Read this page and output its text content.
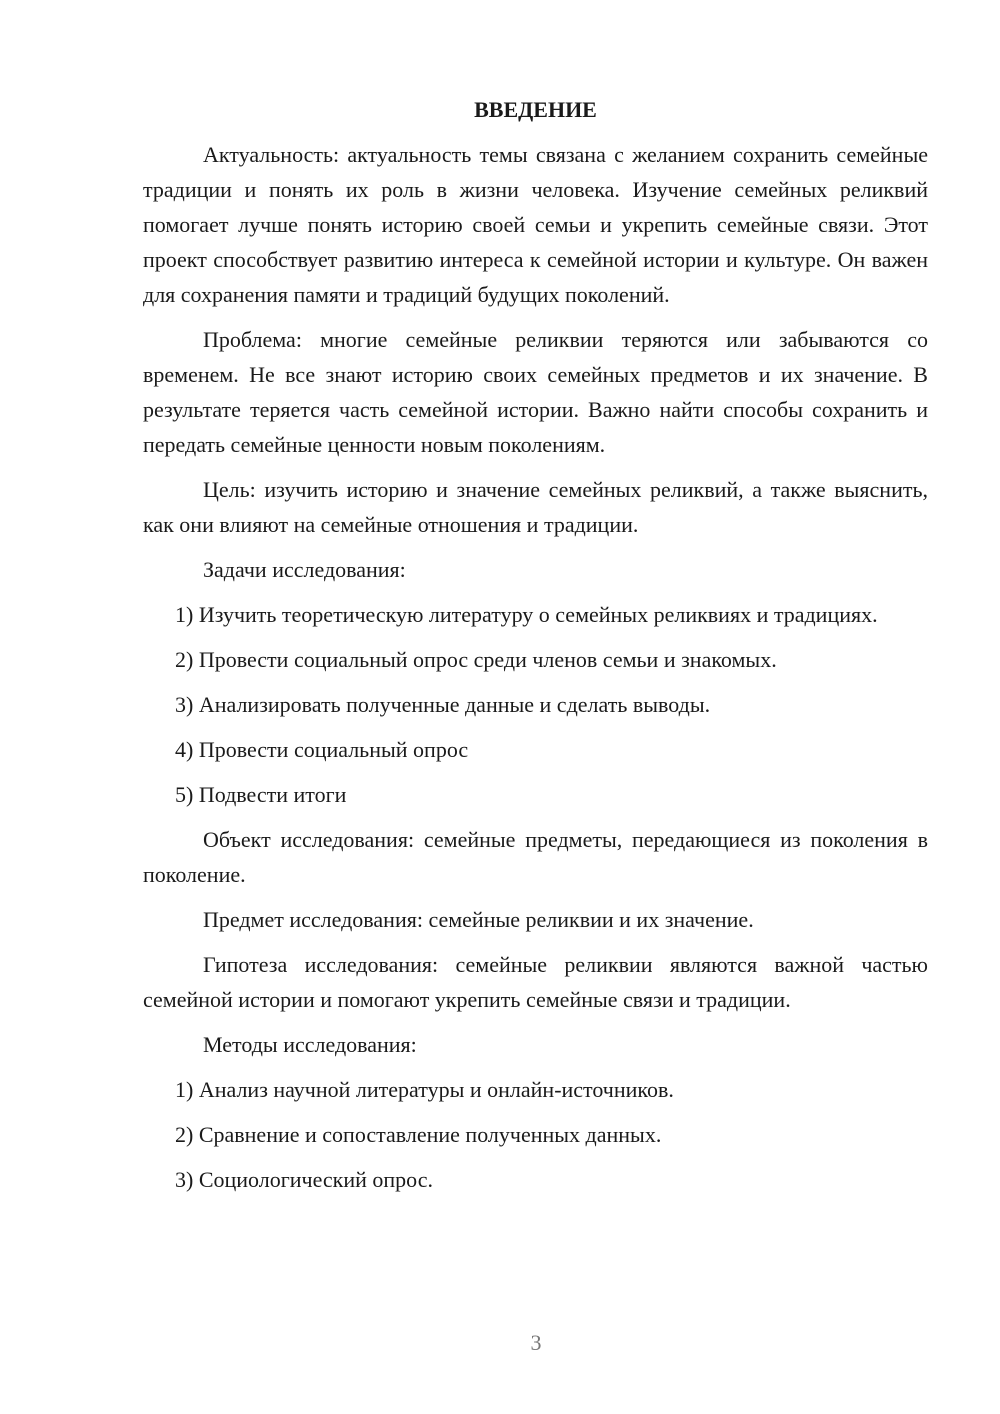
ВВЕДЕНИЕ

Актуальность: актуальность темы связана с желанием сохранить семейные традиции и понять их роль в жизни человека. Изучение семейных реликвий помогает лучше понять историю своей семьи и укрепить семейные связи. Этот проект способствует развитию интереса к семейной истории и культуре. Он важен для сохранения памяти и традиций будущих поколений.

Проблема: многие семейные реликвии теряются или забываются со временем. Не все знают историю своих семейных предметов и их значение. В результате теряется часть семейной истории. Важно найти способы сохранить и передать семейные ценности новым поколениям.

Цель: изучить историю и значение семейных реликвий, а также выяснить, как они влияют на семейные отношения и традиции.

Задачи исследования:

1) Изучить теоретическую литературу о семейных реликвиях и традициях.

2) Провести социальный опрос среди членов семьи и знакомых.

3) Анализировать полученные данные и сделать выводы.

4) Провести социальный опрос

5) Подвести итоги

Объект исследования: семейные предметы, передающиеся из поколения в поколение.

Предмет исследования: семейные реликвии и их значение.

Гипотеза исследования: семейные реликвии являются важной частью семейной истории и помогают укрепить семейные связи и традиции.

Методы исследования:

1) Анализ научной литературы и онлайн-источников.

2) Сравнение и сопоставление полученных данных.

3) Социологический опрос.

3
